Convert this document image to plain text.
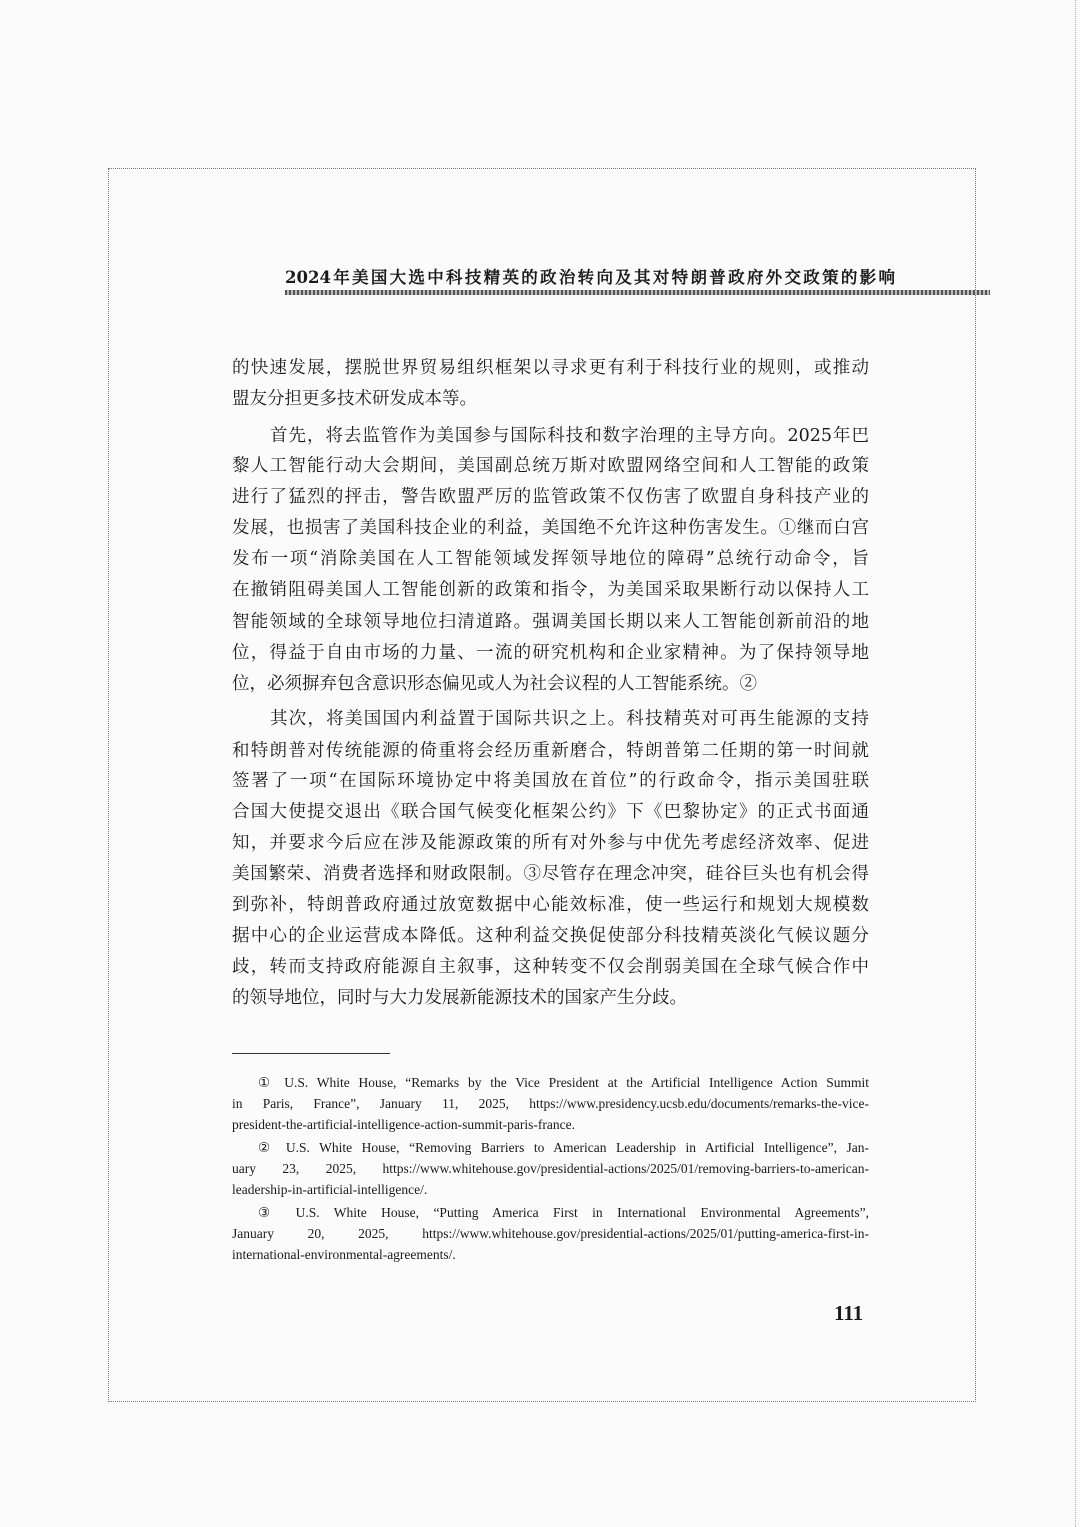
2024年美国大选中科技精英的政治转向及其对特朗普政府外交政策的影响
的快速发展，摆脱世界贸易组织框架以寻求更有利于科技行业的规则，或推动
盟友分担更多技术研发成本等。
首先，将去监管作为美国参与国际科技和数字治理的主导方向。2025年巴
黎人工智能行动大会期间，美国副总统万斯对欧盟网络空间和人工智能的政策
进行了猛烈的抨击，警告欧盟严厉的监管政策不仅伤害了欧盟自身科技产业的
发展，也损害了美国科技企业的利益，美国绝不允许这种伤害发生。①继而白宫
发布一项“消除美国在人工智能领域发挥领导地位的障碍”总统行动命令，旨
在撤销阻碍美国人工智能创新的政策和指令，为美国采取果断行动以保持人工
智能领域的全球领导地位扫清道路。强调美国长期以来人工智能创新前沿的地
位，得益于自由市场的力量、一流的研究机构和企业家精神。为了保持领导地
位，必须摒弃包含意识形态偏见或人为社会议程的人工智能系统。②
其次，将美国国内利益置于国际共识之上。科技精英对可再生能源的支持
和特朗普对传统能源的倚重将会经历重新磨合，特朗普第二任期的第一时间就
签署了一项“在国际环境协定中将美国放在首位”的行政命令，指示美国驻联
合国大使提交退出《联合国气候变化框架公约》下《巴黎协定》的正式书面通
知，并要求今后应在涉及能源政策的所有对外参与中优先考虑经济效率、促进
美国繁荣、消费者选择和财政限制。③尽管存在理念冲突，硅谷巨头也有机会得
到弥补，特朗普政府通过放宽数据中心能效标准，使一些运行和规划大规模数
据中心的企业运营成本降低。这种利益交换促使部分科技精英淡化气候议题分
歧，转而支持政府能源自主叙事，这种转变不仅会削弱美国在全球气候合作中
的领导地位，同时与大力发展新能源技术的国家产生分歧。
① U.S. White House, “Remarks by the Vice President at the Artificial Intelligence Action Summit
in Paris, France”, January 11, 2025, https://www.presidency.ucsb.edu/documents/remarks-the-vice-
president-the-artificial-intelligence-action-summit-paris-france.
② U.S. White House, “Removing Barriers to American Leadership in Artificial Intelligence”, Jan-
uary 23, 2025, https://www.whitehouse.gov/presidential-actions/2025/01/removing-barriers-to-american-
leadership-in-artificial-intelligence/.
③ U.S. White House, “Putting America First in International Environmental Agreements”,
January 20, 2025, https://www.whitehouse.gov/presidential-actions/2025/01/putting-america-first-in-
international-environmental-agreements/.
111
